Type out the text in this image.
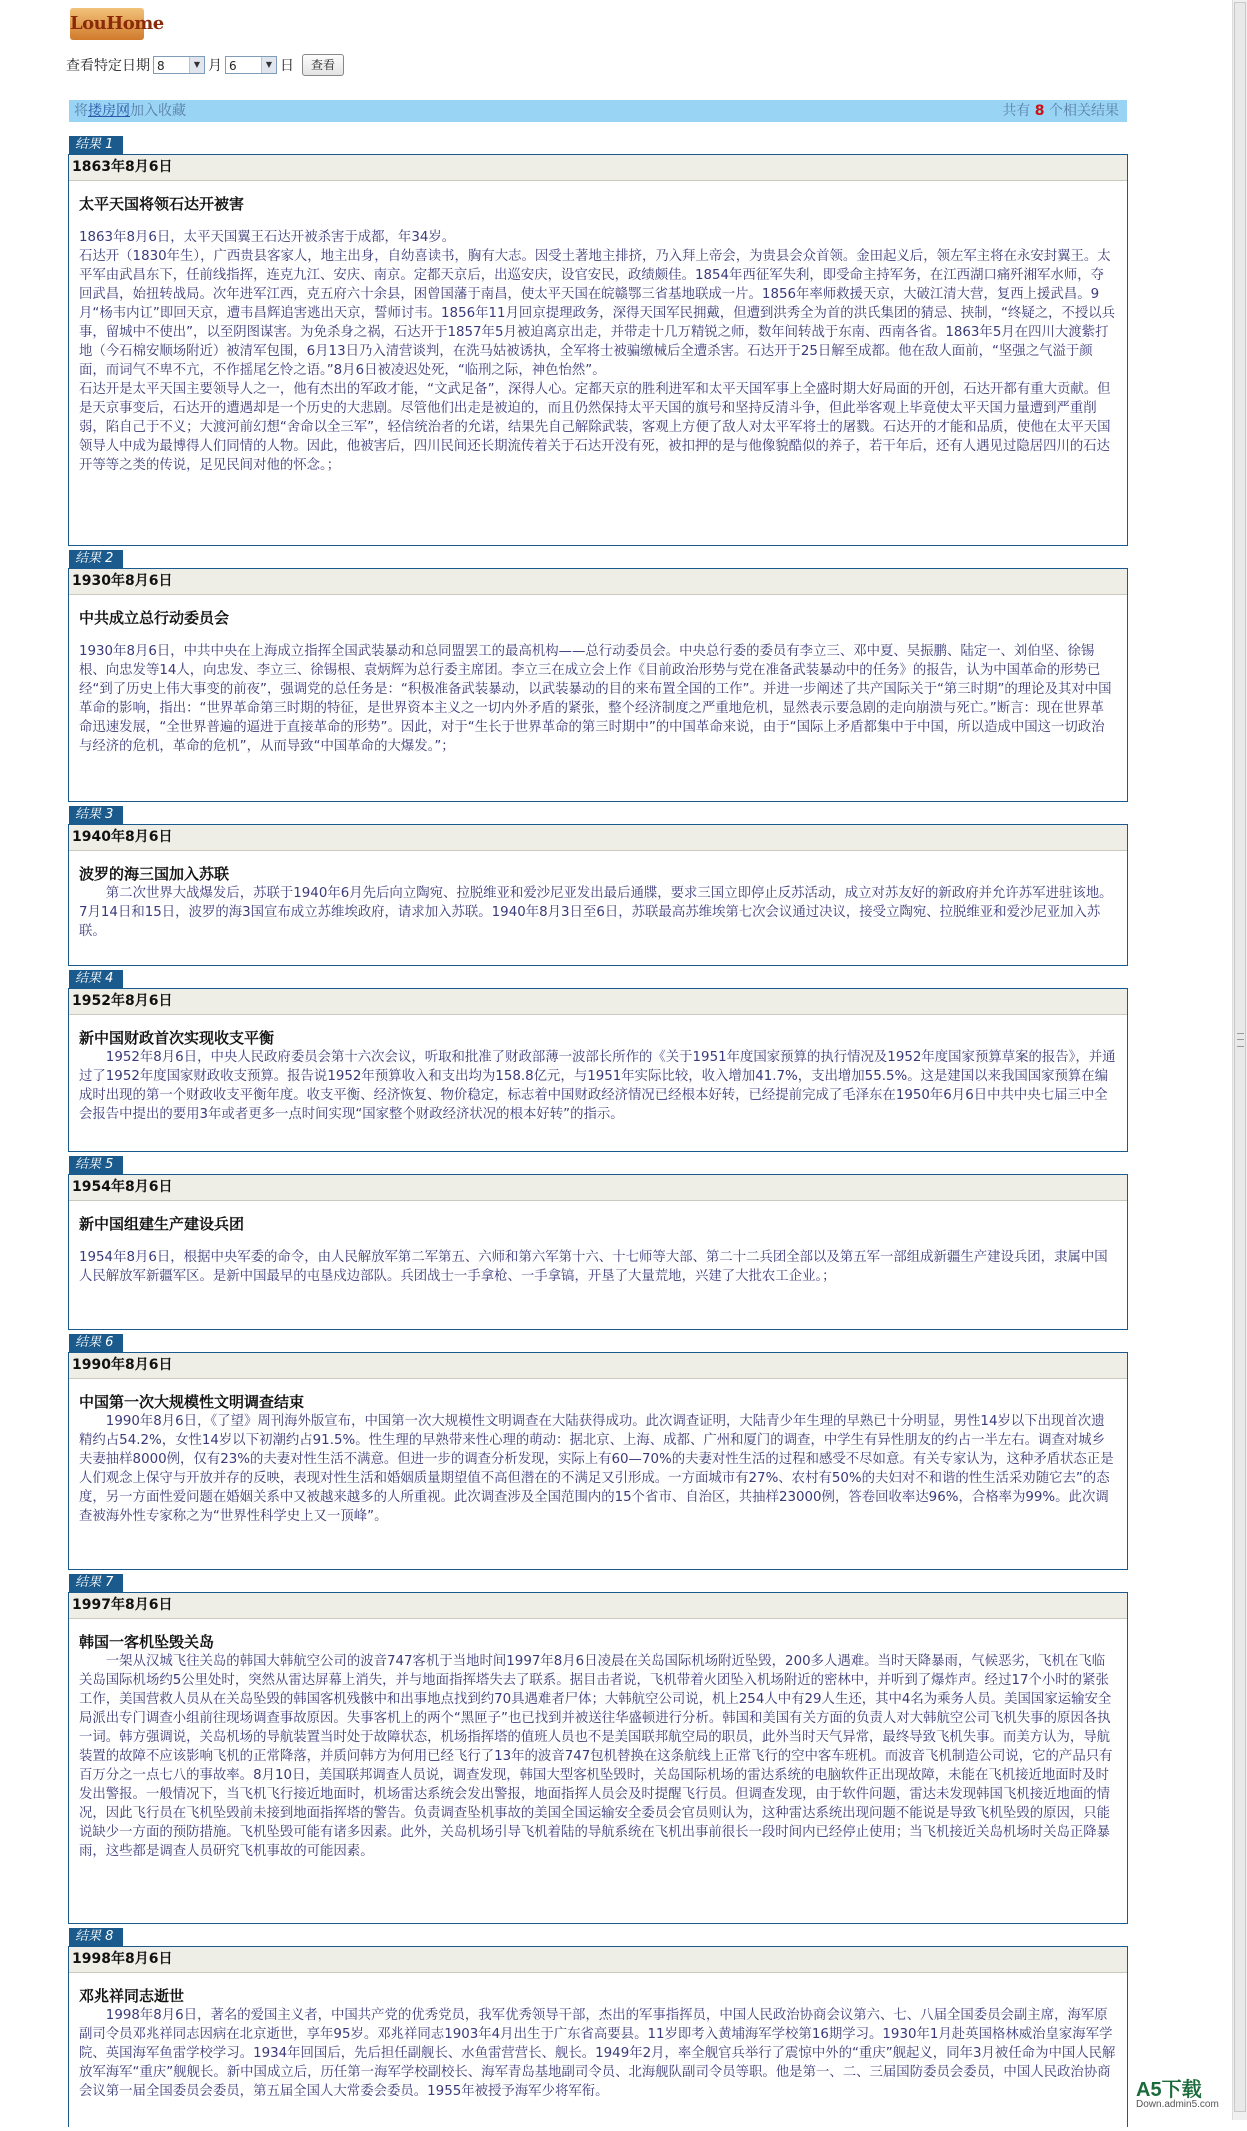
LouHome
查看特定日期 8	▼ 月 6	▼ 日	查看
将搂房网加入收藏	共有 8 个相关结果
结果 1
1863年8月6日
太平天国将领石达开被害

1863年8月6日，太平天国翼王石达开被杀害于成都，年34岁。

石达开（1830年生），广西贵县客家人，地主出身，自幼喜读书，胸有大志。因受土著地主排挤，乃入拜上帝会，为贵县会众首领。金田起义后，领左军主将在永安封翼王。太平军由武昌东下，任前线指挥，连克九江、安庆、南京。定都天京后，出巡安庆，设官安民，政绩颇佳。1854年西征军失利，即受命主持军务，在江西湖口痛歼湘军水师，夺回武昌，始扭转战局。次年进军江西，克五府六十余县，困曾国藩于南昌，使太平天国在皖赣鄂三省基地联成一片。1856年率师救援天京，大破江清大营，复西上援武昌。9月“杨韦内讧”即回天京，遭韦昌辉追害逃出天京，誓师讨韦。1856年11月回京提理政务，深得天国军民拥戴，但遭到洪秀全为首的洪氏集团的猜忌、挟制，“终疑之，不授以兵事，留城中不使出”，以至阴图谋害。为免杀身之祸，石达开于1857年5月被迫离京出走，并带走十几万精锐之师，数年间转战于东南、西南各省。1863年5月在四川大渡紫打地（今石棉安顺场附近）被清军包围，6月13日乃入清营谈判，在洗马姑被诱执，全军将士被骗缴械后全遭杀害。石达开于25日解至成都。他在敌人面前，“坚强之气溢于颜面，而词气不卑不亢，不作摇尾乞怜之语。”8月6日被凌迟处死，“临刑之际，神色怡然”。

石达开是太平天国主要领导人之一，他有杰出的军政才能，“文武足备”，深得人心。定都天京的胜利进军和太平天国军事上全盛时期大好局面的开创，石达开都有重大贡献。但是天京事变后，石达开的遭遇却是一个历史的大悲剧。尽管他们出走是被迫的，而且仍然保持太平天国的旗号和坚持反清斗争，但此举客观上毕竟使太平天国力量遭到严重削弱，陷自己于不义；大渡河前幻想“舍命以全三军”，轻信统治者的允诺，结果先自己解除武装，客观上方便了敌人对太平军将士的屠戮。石达开的才能和品质，使他在太平天国领导人中成为最博得人们同情的人物。因此，他被害后，四川民间还长期流传着关于石达开没有死，被扣押的是与他像貌酷似的养子，若干年后，还有人遇见过隐居四川的石达开等等之类的传说，足见民间对他的怀念。；

结果 2
1930年8月6日
中共成立总行动委员会

1930年8月6日，中共中央在上海成立指挥全国武装暴动和总同盟罢工的最高机构——总行动委员会。中央总行委的委员有李立三、邓中夏、吴振鹏、陆定一、刘伯坚、徐锡根、向忠发等14人，向忠发、李立三、徐锡根、袁炳辉为总行委主席团。李立三在成立会上作《目前政治形势与党在准备武装暴动中的任务》的报告，认为中国革命的形势已经“到了历史上伟大事变的前夜”，强调党的总任务是：“积极准备武装暴动，以武装暴动的目的来布置全国的工作”。并进一步阐述了共产国际关于“第三时期”的理论及其对中国革命的影响，指出：“世界革命第三时期的特征，是世界资本主义之一切内外矛盾的紧张，整个经济制度之严重地危机，显然表示要急剧的走向崩溃与死亡。”断言：现在世界革命迅速发展，“全世界普遍的逼进于直接革命的形势”。因此，对于“生长于世界革命的第三时期中”的中国革命来说，由于“国际上矛盾都集中于中国，所以造成中国这一切政治与经济的危机，革命的危机”，从而导致“中国革命的大爆发。”；

结果 3
1940年8月6日
波罗的海三国加入苏联

第二次世界大战爆发后，苏联于1940年6月先后向立陶宛、拉脱维亚和爱沙尼亚发出最后通牒，要求三国立即停止反苏活动，成立对苏友好的新政府并允许苏军进驻该地。7月14日和15日，波罗的海3国宣布成立苏维埃政府，请求加入苏联。1940年8月3日至6日，苏联最高苏维埃第七次会议通过决议，接受立陶宛、拉脱维亚和爱沙尼亚加入苏联。

结果 4
1952年8月6日
新中国财政首次实现收支平衡

1952年8月6日，中央人民政府委员会第十六次会议，听取和批准了财政部薄一波部长所作的《关于1951年度国家预算的执行情况及1952年度国家预算草案的报告》，并通过了1952年度国家财政收支预算。报告说1952年预算收入和支出均为158.8亿元，与1951年实际比较，收入增加41.7%，支出增加55.5%。这是建国以来我国国家预算在编成时出现的第一个财政收支平衡年度。收支平衡、经济恢复、物价稳定，标志着中国财政经济情况已经根本好转，已经提前完成了毛泽东在1950年6月6日中共中央七届三中全会报告中提出的要用3年或者更多一点时间实现“国家整个财政经济状况的根本好转”的指示。

结果 5
1954年8月6日
新中国组建生产建设兵团

1954年8月6日，根据中央军委的命令，由人民解放军第二军第五、六师和第六军第十六、十七师等大部、第二十二兵团全部以及第五军一部组成新疆生产建设兵团，隶属中国人民解放军新疆军区。是新中国最早的屯垦戍边部队。兵团战士一手拿枪、一手拿镐，开垦了大量荒地，兴建了大批农工企业。；

结果 6
1990年8月6日
中国第一次大规模性文明调查结束

1990年8月6日，《了望》周刊海外版宣布，中国第一次大规模性文明调查在大陆获得成功。此次调查证明，大陆青少年生理的早熟已十分明显，男性14岁以下出现首次遗精约占54.2%，女性14岁以下初潮约占91.5%。性生理的早熟带来性心理的萌动：据北京、上海、成都、广州和厦门的调查，中学生有异性朋友的约占一半左右。调查对城乡夫妻抽样8000例，仅有23%的夫妻对性生活不满意。但进一步的调查分析发现，实际上有60—70%的夫妻对性生活的过程和感受不尽如意。有关专家认为，这种矛盾状态正是人们观念上保守与开放并存的反映，表现对性生活和婚姻质量期望值不高但潜在的不满足又引形成。一方面城市有27%、农村有50%的夫妇对不和谐的性生活采劝随它去”的态度，另一方面性爱问题在婚姻关系中又被越来越多的人所重视。此次调查涉及全国范围内的15个省市、自治区，共抽样23000例，答卷回收率达96%，合格率为99%。此次调查被海外性专家称之为“世界性科学史上又一顶峰”。

结果 7
1997年8月6日
韩国一客机坠毁关岛

一架从汉城飞往关岛的韩国大韩航空公司的波音747客机于当地时间1997年8月6日凌晨在关岛国际机场附近坠毁，200多人遇难。当时天降暴雨，气候恶劣，飞机在飞临关岛国际机场约5公里处时，突然从雷达屏幕上消失，并与地面指挥塔失去了联系。据目击者说，飞机带着火团坠入机场附近的密林中，并听到了爆炸声。经过17个小时的紧张工作，美国营救人员从在关岛坠毁的韩国客机残骸中和出事地点找到约70具遇难者尸体；大韩航空公司说，机上254人中有29人生还，其中4名为乘务人员。美国国家运输安全局派出专门调查小组前往现场调查事故原因。失事客机上的两个“黑匣子”也已找到并被送往华盛顿进行分析。韩国和美国有关方面的负责人对大韩航空公司飞机失事的原因各执一词。韩方强调说，关岛机场的导航装置当时处于故障状态，机场指挥塔的值班人员也不是美国联邦航空局的职员，此外当时天气异常，最终导致飞机失事。而美方认为，导航装置的故障不应该影响飞机的正常降落，并质问韩方为何用已经飞行了13年的波音747包机替换在这条航线上正常飞行的空中客车班机。而波音飞机制造公司说，它的产品只有百万分之一点七八的事故率。8月10日，美国联邦调查人员说，调查发现，韩国大型客机坠毁时，关岛国际机场的雷达系统的电脑软件正出现故障，未能在飞机接近地面时及时发出警报。一般情况下，当飞机飞行接近地面时，机场雷达系统会发出警报，地面指挥人员会及时提醒飞行员。但调查发现，由于软件问题，雷达未发现韩国飞机接近地面的情况，因此飞行员在飞机坠毁前未接到地面指挥塔的警告。负责调查坠机事故的美国全国运输安全委员会官员则认为，这种雷达系统出现问题不能说是导致飞机坠毁的原因，只能说缺少一方面的预防措施。飞机坠毁可能有诸多因素。此外，关岛机场引导飞机着陆的导航系统在飞机出事前很长一段时间内已经停止使用；当飞机接近关岛机场时关岛正降暴雨，这些都是调查人员研究飞机事故的可能因素。

结果 8
1998年8月6日
邓兆祥同志逝世

1998年8月6日，著名的爱国主义者，中国共产党的优秀党员，我军优秀领导干部，杰出的军事指挥员，中国人民政治协商会议第六、七、八届全国委员会副主席，海军原副司令员邓兆祥同志因病在北京逝世，享年95岁。邓兆祥同志1903年4月出生于广东省高要县。11岁即考入黄埔海军学校第16期学习。1930年1月赴英国格林威治皇家海军学院、英国海军鱼雷学校学习。1934年回国后，先后担任副舰长、水鱼雷营营长、舰长。1949年2月，率全舰官兵举行了震惊中外的“重庆”舰起义，同年3月被任命为中国人民解放军海军“重庆”舰舰长。新中国成立后，历任第一海军学校副校长、海军青岛基地副司令员、北海舰队副司令员等职。他是第一、二、三届国防委员会委员，中国人民政治协商会议第一届全国委员会委员，第五届全国人大常委会委员。1955年被授予海军少将军衔。	A5下载
Down.admin5.com
